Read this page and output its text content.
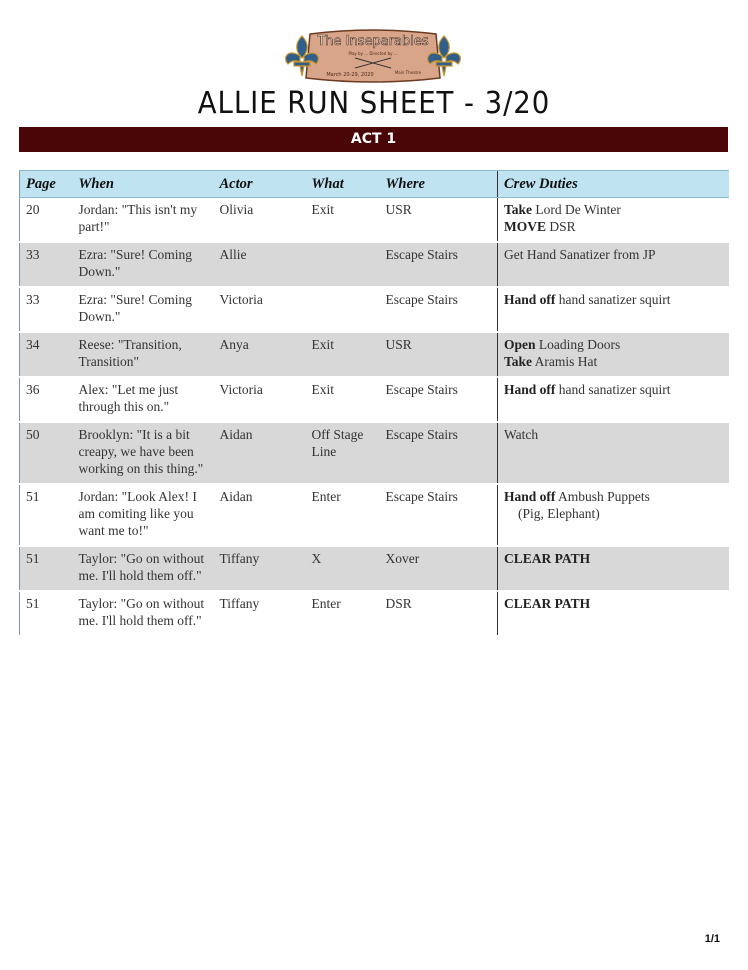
The Inseparables
Play by ... Directed by ...
March 20-29, 2020	Main Theatre
ALLIE RUN SHEET - 3/20
ACT 1
Page	When	Actor	What	Where	Crew Duties
20	Jordan: "This isn't my part!"	Olivia	Exit	USR	Take Lord De Winter
MOVE DSR

33	Ezra: "Sure! Coming Down."	Allie		Escape Stairs	Get Hand Sanatizer from JP

33	Ezra: "Sure! Coming Down."	Victoria		Escape Stairs	Hand off hand sanatizer squirt

34	Reese: "Transition, Transition"	Anya	Exit	USR	Open Loading Doors
Take Aramis Hat

36	Alex: "Let me just through this on."	Victoria	Exit	Escape Stairs	Hand off hand sanatizer squirt

50	Brooklyn: "It is a bit creapy, we have been working on this thing."	Aidan	Off Stage Line	Escape Stairs	Watch

51	Jordan: "Look Alex! I am comiting like you want me to!"	Aidan	Enter	Escape Stairs	Hand off Ambush Puppets
(Pig, Elephant)

51	Taylor: "Go on without me. I'll hold them off."	Tiffany	X	Xover	CLEAR PATH

51	Taylor: "Go on without me. I'll hold them off."	Tiffany	Enter	DSR	CLEAR PATH
1/1
